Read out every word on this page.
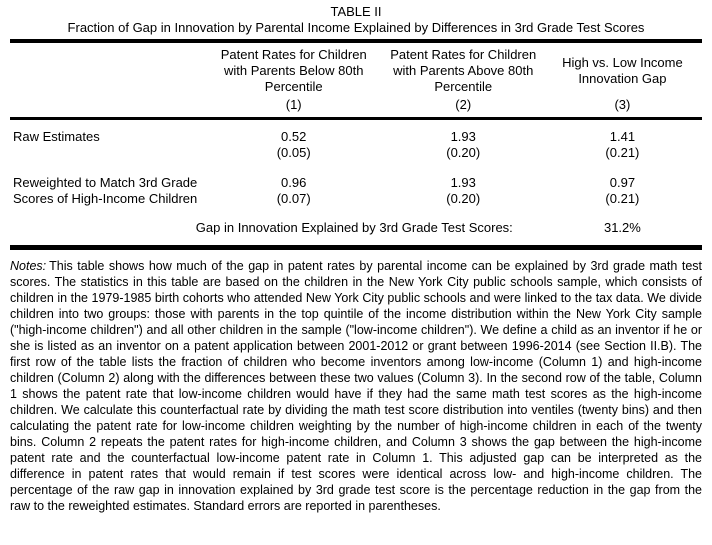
TABLE II
Fraction of Gap in Innovation by Parental Income Explained by Differences in 3rd Grade Test Scores
	Patent Rates for Children with Parents Below 80th Percentile	Patent Rates for Children with Parents Above 80th Percentile	High vs. Low Income Innovation Gap
	(1)	(2)	(3)

Raw Estimates	0.52	1.93	1.41
	(0.05)	(0.20)	(0.21)

Reweighted to Match 3rd Grade	0.96	1.93	0.97
Scores of High-Income Children	(0.07)	(0.20)	(0.21)

Gap in Innovation Explained by 3rd Grade Test Scores:			31.2%

Notes: This table shows how much of the gap in patent rates by parental income can be explained by 3rd grade math test scores. The statistics in this table are based on the children in the New York City public schools sample, which consists of children in the 1979-1985 birth cohorts who attended New York City public schools and were linked to the tax data. We divide children into two groups: those with parents in the top quintile of the income distribution within the New York City sample ("high-income children") and all other children in the sample ("low-income children"). We define a child as an inventor if he or she is listed as an inventor on a patent application between 2001-2012 or grant between 1996-2014 (see Section II.B). The first row of the table lists the fraction of children who become inventors among low-income (Column 1) and high-income children (Column 2) along with the differences between these two values (Column 3). In the second row of the table, Column 1 shows the patent rate that low-income children would have if they had the same math test scores as the high-income children. We calculate this counterfactual rate by dividing the math test score distribution into ventiles (twenty bins) and then calculating the patent rate for low-income children weighting by the number of high-income children in each of the twenty bins. Column 2 repeats the patent rates for high-income children, and Column 3 shows the gap between the high-income patent rate and the counterfactual low-income patent rate in Column 1. This adjusted gap can be interpreted as the difference in patent rates that would remain if test scores were identical across low- and high-income children. The percentage of the raw gap in innovation explained by 3rd grade test score is the percentage reduction in the gap from the raw to the reweighted estimates. Standard errors are reported in parentheses.
